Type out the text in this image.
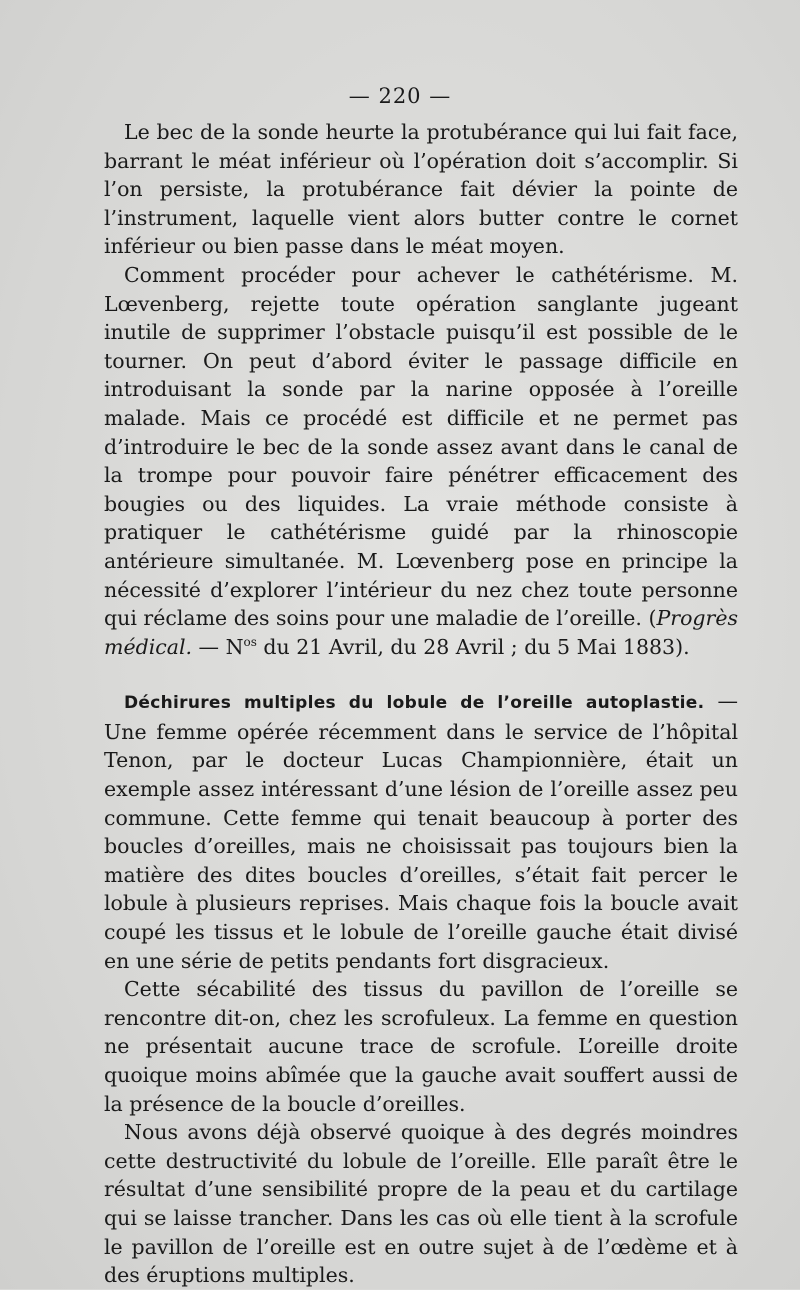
— 220 —

Le bec de la sonde heurte la protubérance qui lui fait face, barrant le méat inférieur où l’opération doit s’accomplir. Si l’on persiste, la protubérance fait dévier la pointe de l’instrument, laquelle vient alors butter contre le cornet inférieur ou bien passe dans le méat moyen.

Comment procéder pour achever le cathétérisme. M. Lœvenberg, rejette toute opération sanglante jugeant inutile de supprimer l’obstacle puisqu’il est possible de le tourner. On peut d’abord éviter le passage difficile en introduisant la sonde par la narine opposée à l’oreille malade. Mais ce procédé est difficile et ne permet pas d’introduire le bec de la sonde assez avant dans le canal de la trompe pour pouvoir faire pénétrer efficacement des bougies ou des liquides. La vraie méthode consiste à pratiquer le cathétérisme guidé par la rhinoscopie antérieure simultanée. M. Lœvenberg pose en principe la nécessité d’explorer l’intérieur du nez chez toute personne qui réclame des soins pour une maladie de l’oreille. (Progrès médical. — $N^{os}$ du 21 Avril, du 28 Avril ; du 5 Mai 1883).

Déchirures multiples du lobule de l’oreille autoplastie. — Une femme opérée récemment dans le service de l’hôpital Tenon, par le docteur Lucas Championnière, était un exemple assez intéressant d’une lésion de l’oreille assez peu commune. Cette femme qui tenait beaucoup à porter des boucles d’oreilles, mais ne choisissait pas toujours bien la matière des dites boucles d’oreilles, s’était fait percer le lobule à plusieurs reprises. Mais chaque fois la boucle avait coupé les tissus et le lobule de l’oreille gauche était divisé en une série de petits pendants fort disgracieux.

Cette sécabilité des tissus du pavillon de l’oreille se rencontre dit-on, chez les scrofuleux. La femme en question ne présentait aucune trace de scrofule. L’oreille droite quoique moins abîmée que la gauche avait souffert aussi de la présence de la boucle d’oreilles.

Nous avons déjà observé quoique à des degrés moindres cette destructivité du lobule de l’oreille. Elle paraît être le résultat d’une sensibilité propre de la peau et du cartilage qui se laisse trancher. Dans les cas où elle tient à la scrofule le pavillon de l’oreille est en outre sujet à de l’œdème et à des éruptions multiples.
